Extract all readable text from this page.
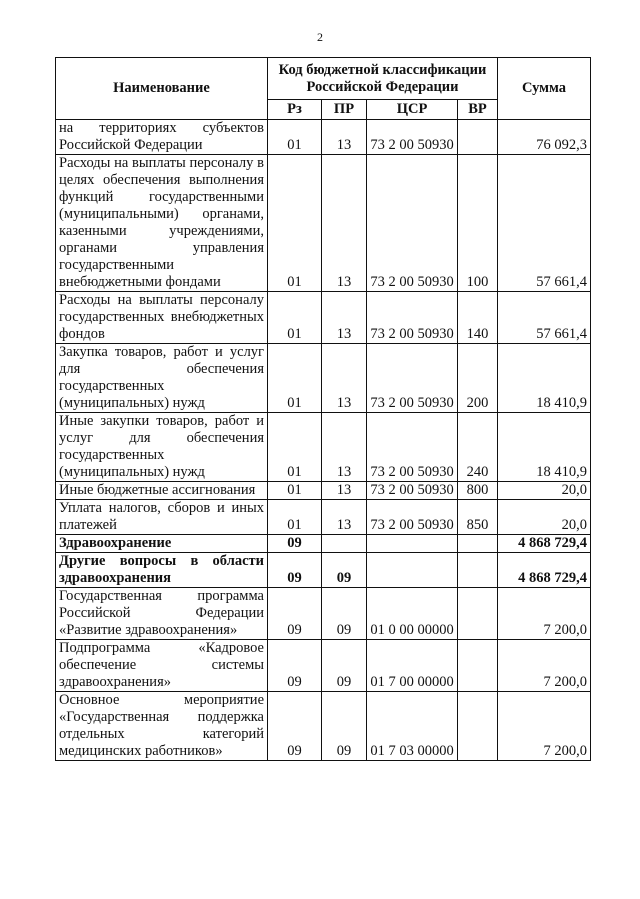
2
Наименование	Код бюджетной классификации Российской Федерации				Сумма
	Рз	ПР	ЦСР	ВР	
на территориях субъектов Российской Федерации	01	13	73 2 00 50930		76 092,3
Расходы на выплаты персоналу в целях обеспечения выполнения функций государственными (муниципальными) органами, казенными учреждениями, органами управления государственными внебюджетными фондами	01	13	73 2 00 50930	100	57 661,4
Расходы на выплаты персоналу государственных внебюджетных фондов	01	13	73 2 00 50930	140	57 661,4
Закупка товаров, работ и услуг для обеспечения государственных (муниципальных) нужд	01	13	73 2 00 50930	200	18 410,9
Иные закупки товаров, работ и услуг для обеспечения государственных (муниципальных) нужд	01	13	73 2 00 50930	240	18 410,9
Иные бюджетные ассигнования	01	13	73 2 00 50930	800	20,0
Уплата налогов, сборов и иных платежей	01	13	73 2 00 50930	850	20,0
Здравоохранение	09				4 868 729,4
Другие вопросы в области здравоохранения	09	09			4 868 729,4
Государственная программа Российской Федерации «Развитие здравоохранения»	09	09	01 0 00 00000		7 200,0
Подпрограмма «Кадровое обеспечение системы здравоохранения»	09	09	01 7 00 00000		7 200,0
Основное мероприятие «Государственная поддержка отдельных категорий медицинских работников»	09	09	01 7 03 00000		7 200,0
